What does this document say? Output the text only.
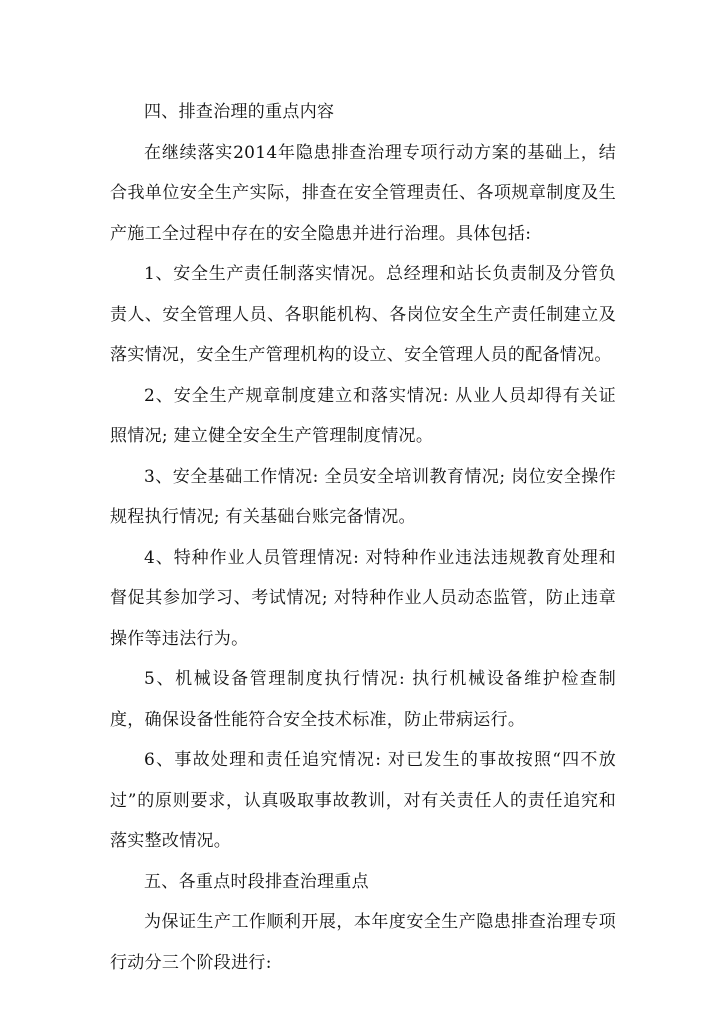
四、排查治理的重点内容

在继续落实2014年隐患排查治理专项行动方案的基础上，结合我单位安全生产实际，排查在安全管理责任、各项规章制度及生产施工全过程中存在的安全隐患并进行治理。具体包括:

1、安全生产责任制落实情况。总经理和站长负责制及分管负责人、安全管理人员、各职能机构、各岗位安全生产责任制建立及落实情况，安全生产管理机构的设立、安全管理人员的配备情况。

2、安全生产规章制度建立和落实情况: 从业人员却得有关证照情况; 建立健全安全生产管理制度情况。

3、安全基础工作情况: 全员安全培训教育情况; 岗位安全操作规程执行情况; 有关基础台账完备情况。

4、特种作业人员管理情况: 对特种作业违法违规教育处理和督促其参加学习、考试情况; 对特种作业人员动态监管，防止违章操作等违法行为。

5、机械设备管理制度执行情况: 执行机械设备维护检查制度，确保设备性能符合安全技术标准，防止带病运行。

6、事故处理和责任追究情况: 对已发生的事故按照“四不放过”的原则要求，认真吸取事故教训，对有关责任人的责任追究和落实整改情况。

五、各重点时段排查治理重点

为保证生产工作顺利开展，本年度安全生产隐患排查治理专项行动分三个阶段进行:
